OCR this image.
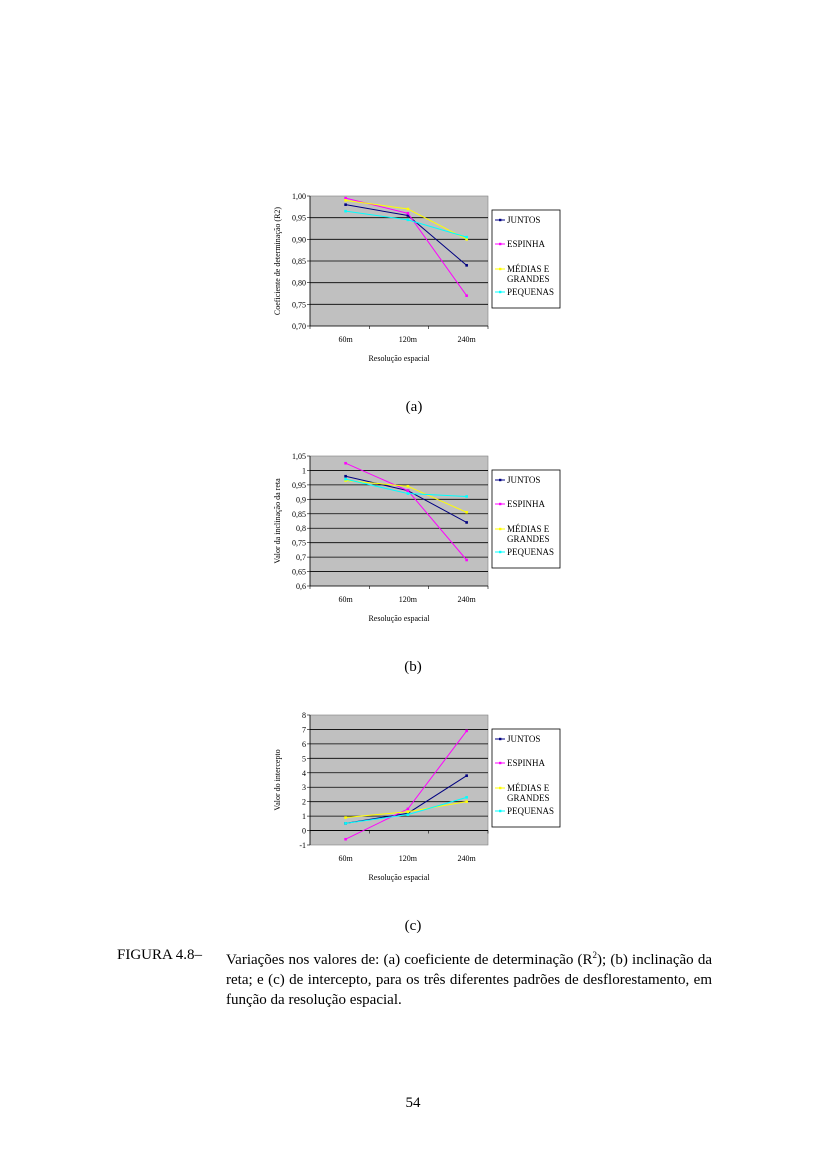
0,70
0,75
0,80
0,85
0,90
0,95
1,00
60m	120m	240m
Resolução espacial
Coeficiente de determinação (R2)	JUNTOS
ESPINHA
MÉDIAS E
GRANDES
PEQUENAS
(a)
0,6
0,65
0,7
0,75
0,8
0,85
0,9
0,95
1
1,05
60m	120m	240m
Resolução espacial
Valor da inclinação da reta	JUNTOS
ESPINHA
MÉDIAS E
GRANDES
PEQUENAS
(b)
-1
0
1
2
3
4
5
6
7
8
60m	120m	240m
Resolução espacial
Valor do intercepto
JUNTOS
ESPINHA
MÉDIAS E
GRANDES
PEQUENAS
(c)
FIGURA 4.8– Variações nos valores de: (a) coeficiente de determinação $(R^2)$; (b) inclinação da reta; e (c) de intercepto, para os três diferentes padrões de desflorestamento, em função da resolução espacial.
54
